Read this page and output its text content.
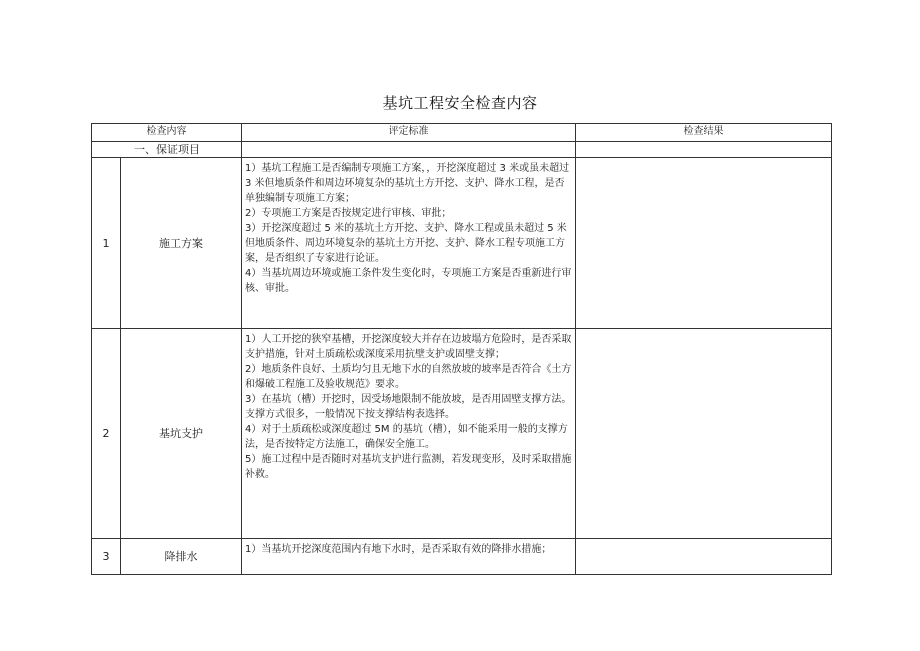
基坑工程安全检查内容
检查内容		评定标准	检查结果
一、保证项目			
1	施工方案	1）基坑工程施工是否编制专项施工方案，，开挖深度超过 3 米或虽未超过 3 米但地质条件和周边环境复杂的基坑土方开挖、支护、降水工程，是否单独编制专项施工方案；

2）专项施工方案是否按规定进行审核、审批；

3）开挖深度超过 5 米的基坑土方开挖、支护、降水工程或虽未超过 5 米但地质条件、周边环境复杂的基坑土方开挖、支护、降水工程专项施工方案，是否组织了专家进行论证。

4）当基坑周边环境或施工条件发生变化时，专项施工方案是否重新进行审核、审批。	

2	基坑支护	1）人工开挖的狭窄基槽，开挖深度较大并存在边坡塌方危险时，是否采取支护措施，针对土质疏松或深度采用抗壁支护或固壁支撑；

2）地质条件良好、土质均匀且无地下水的自然放坡的坡率是否符合《土方和爆破工程施工及验收规范》要求。

3）在基坑（槽）开挖时，因受场地限制不能放坡，是否用固壁支撑方法。支撑方式很多，一般情况下按支撑结构表选择。

4）对于土质疏松或深度超过 5M 的基坑（槽），如不能采用一般的支撑方法，是否按特定方法施工，确保安全施工。

5）施工过程中是否随时对基坑支护进行监测，若发现变形，及时采取措施补救。	

3	降排水	1）当基坑开挖深度范围内有地下水时，是否采取有效的降排水措施；	
